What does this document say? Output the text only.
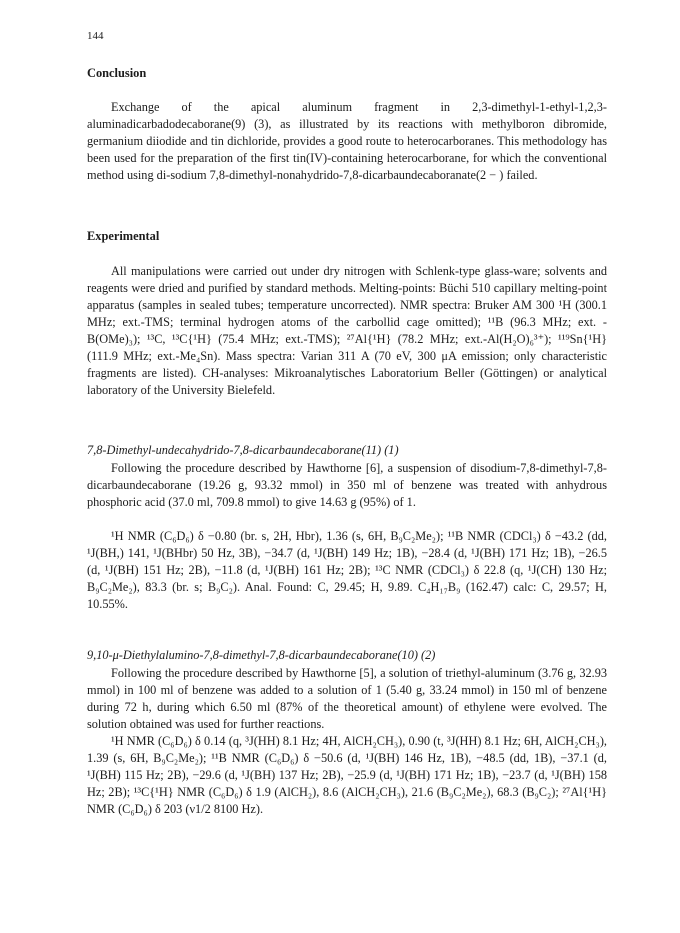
144
Conclusion

Exchange of the apical aluminum fragment in 2,3-dimethyl-1-ethyl-1,2,3-aluminadicarbadodecaborane(9) (3), as illustrated by its reactions with methylboron dibromide, germanium diiodide and tin dichloride, provides a good route to heterocarboranes. This methodology has been used for the preparation of the first tin(IV)-containing heterocarborane, for which the conventional method using di-sodium 7,8-dimethyl-nonahydrido-7,8-dicarbaundecaboranate(2 − ) failed.

Experimental

All manipulations were carried out under dry nitrogen with Schlenk-type glass-ware; solvents and reagents were dried and purified by standard methods. Melting-points: Büchi 510 capillary melting-point apparatus (samples in sealed tubes; temperature uncorrected). NMR spectra: Bruker AM 300 ¹H (300.1 MHz; ext.-TMS; terminal hydrogen atoms of the carbollid cage omitted); ¹¹B (96.3 MHz; ext. -B(OMe)₃); ¹³C, ¹³C{¹H} (75.4 MHz; ext.-TMS); ²⁷Al{¹H} (78.2 MHz; ext.-Al(H₂O)₆³⁺); ¹¹⁹Sn{¹H} (111.9 MHz; ext.-Me₄Sn). Mass spectra: Varian 311 A (70 eV, 300 μA emission; only characteristic fragments are listed). CH-analyses: Mikroanalytisches Laboratorium Beller (Göttingen) or analytical laboratory of the University Bielefeld.

7,8-Dimethyl-undecahydrido-7,8-dicarbaundecaborane(11) (1)

Following the procedure described by Hawthorne [6], a suspension of disodium-7,8-dimethyl-7,8-dicarbaundecaborane (19.26 g, 93.32 mmol) in 350 ml of benzene was treated with anhydrous phosphoric acid (37.0 ml, 709.8 mmol) to give 14.63 g (95%) of 1.

¹H NMR (C₆D₆) δ −0.80 (br. s, 2H, Hbr), 1.36 (s, 6H, B₉C₂Me₂); ¹¹B NMR (CDCl₃) δ −43.2 (dd, ¹J(BH,) 141, ¹J(BHbr) 50 Hz, 3B), −34.7 (d, ¹J(BH) 149 Hz; 1B), −28.4 (d, ¹J(BH) 171 Hz; 1B), −26.5 (d, ¹J(BH) 151 Hz; 2B), −11.8 (d, ¹J(BH) 161 Hz; 2B); ¹³C NMR (CDCl₃) δ 22.8 (q, ¹J(CH) 130 Hz; B₉C₂Me₂), 83.3 (br. s; B₉C₂). Anal. Found: C, 29.45; H, 9.89. C₄H₁₇B₉ (162.47) calc: C, 29.57; H, 10.55%.

9,10-μ-Diethylalumino-7,8-dimethyl-7,8-dicarbaundecaborane(10) (2)

Following the procedure described by Hawthorne [5], a solution of triethyl-aluminum (3.76 g, 32.93 mmol) in 100 ml of benzene was added to a solution of 1 (5.40 g, 33.24 mmol) in 150 ml of benzene during 72 h, during which 6.50 ml (87% of the theoretical amount) of ethylene were evolved. The solution obtained was used for further reactions.

¹H NMR (C₆D₆) δ 0.14 (q, ³J(HH) 8.1 Hz; 4H, AlCH₂CH₃), 0.90 (t, ³J(HH) 8.1 Hz; 6H, AlCH₂CH₃), 1.39 (s, 6H, B₉C₂Me₂); ¹¹B NMR (C₆D₆) δ −50.6 (d, ¹J(BH) 146 Hz, 1B), −48.5 (dd, 1B), −37.1 (d, ¹J(BH) 115 Hz; 2B), −29.6 (d, ¹J(BH) 137 Hz; 2B), −25.9 (d, ¹J(BH) 171 Hz; 1B), −23.7 (d, ¹J(BH) 158 Hz; 2B); ¹³C{¹H} NMR (C₆D₆) δ 1.9 (AlCH₂), 8.6 (AlCH₂CH₃), 21.6 (B₉C₂Me₂), 68.3 (B₉C₂); ²⁷Al{¹H} NMR (C₆D₆) δ 203 (ν1/2 8100 Hz).
